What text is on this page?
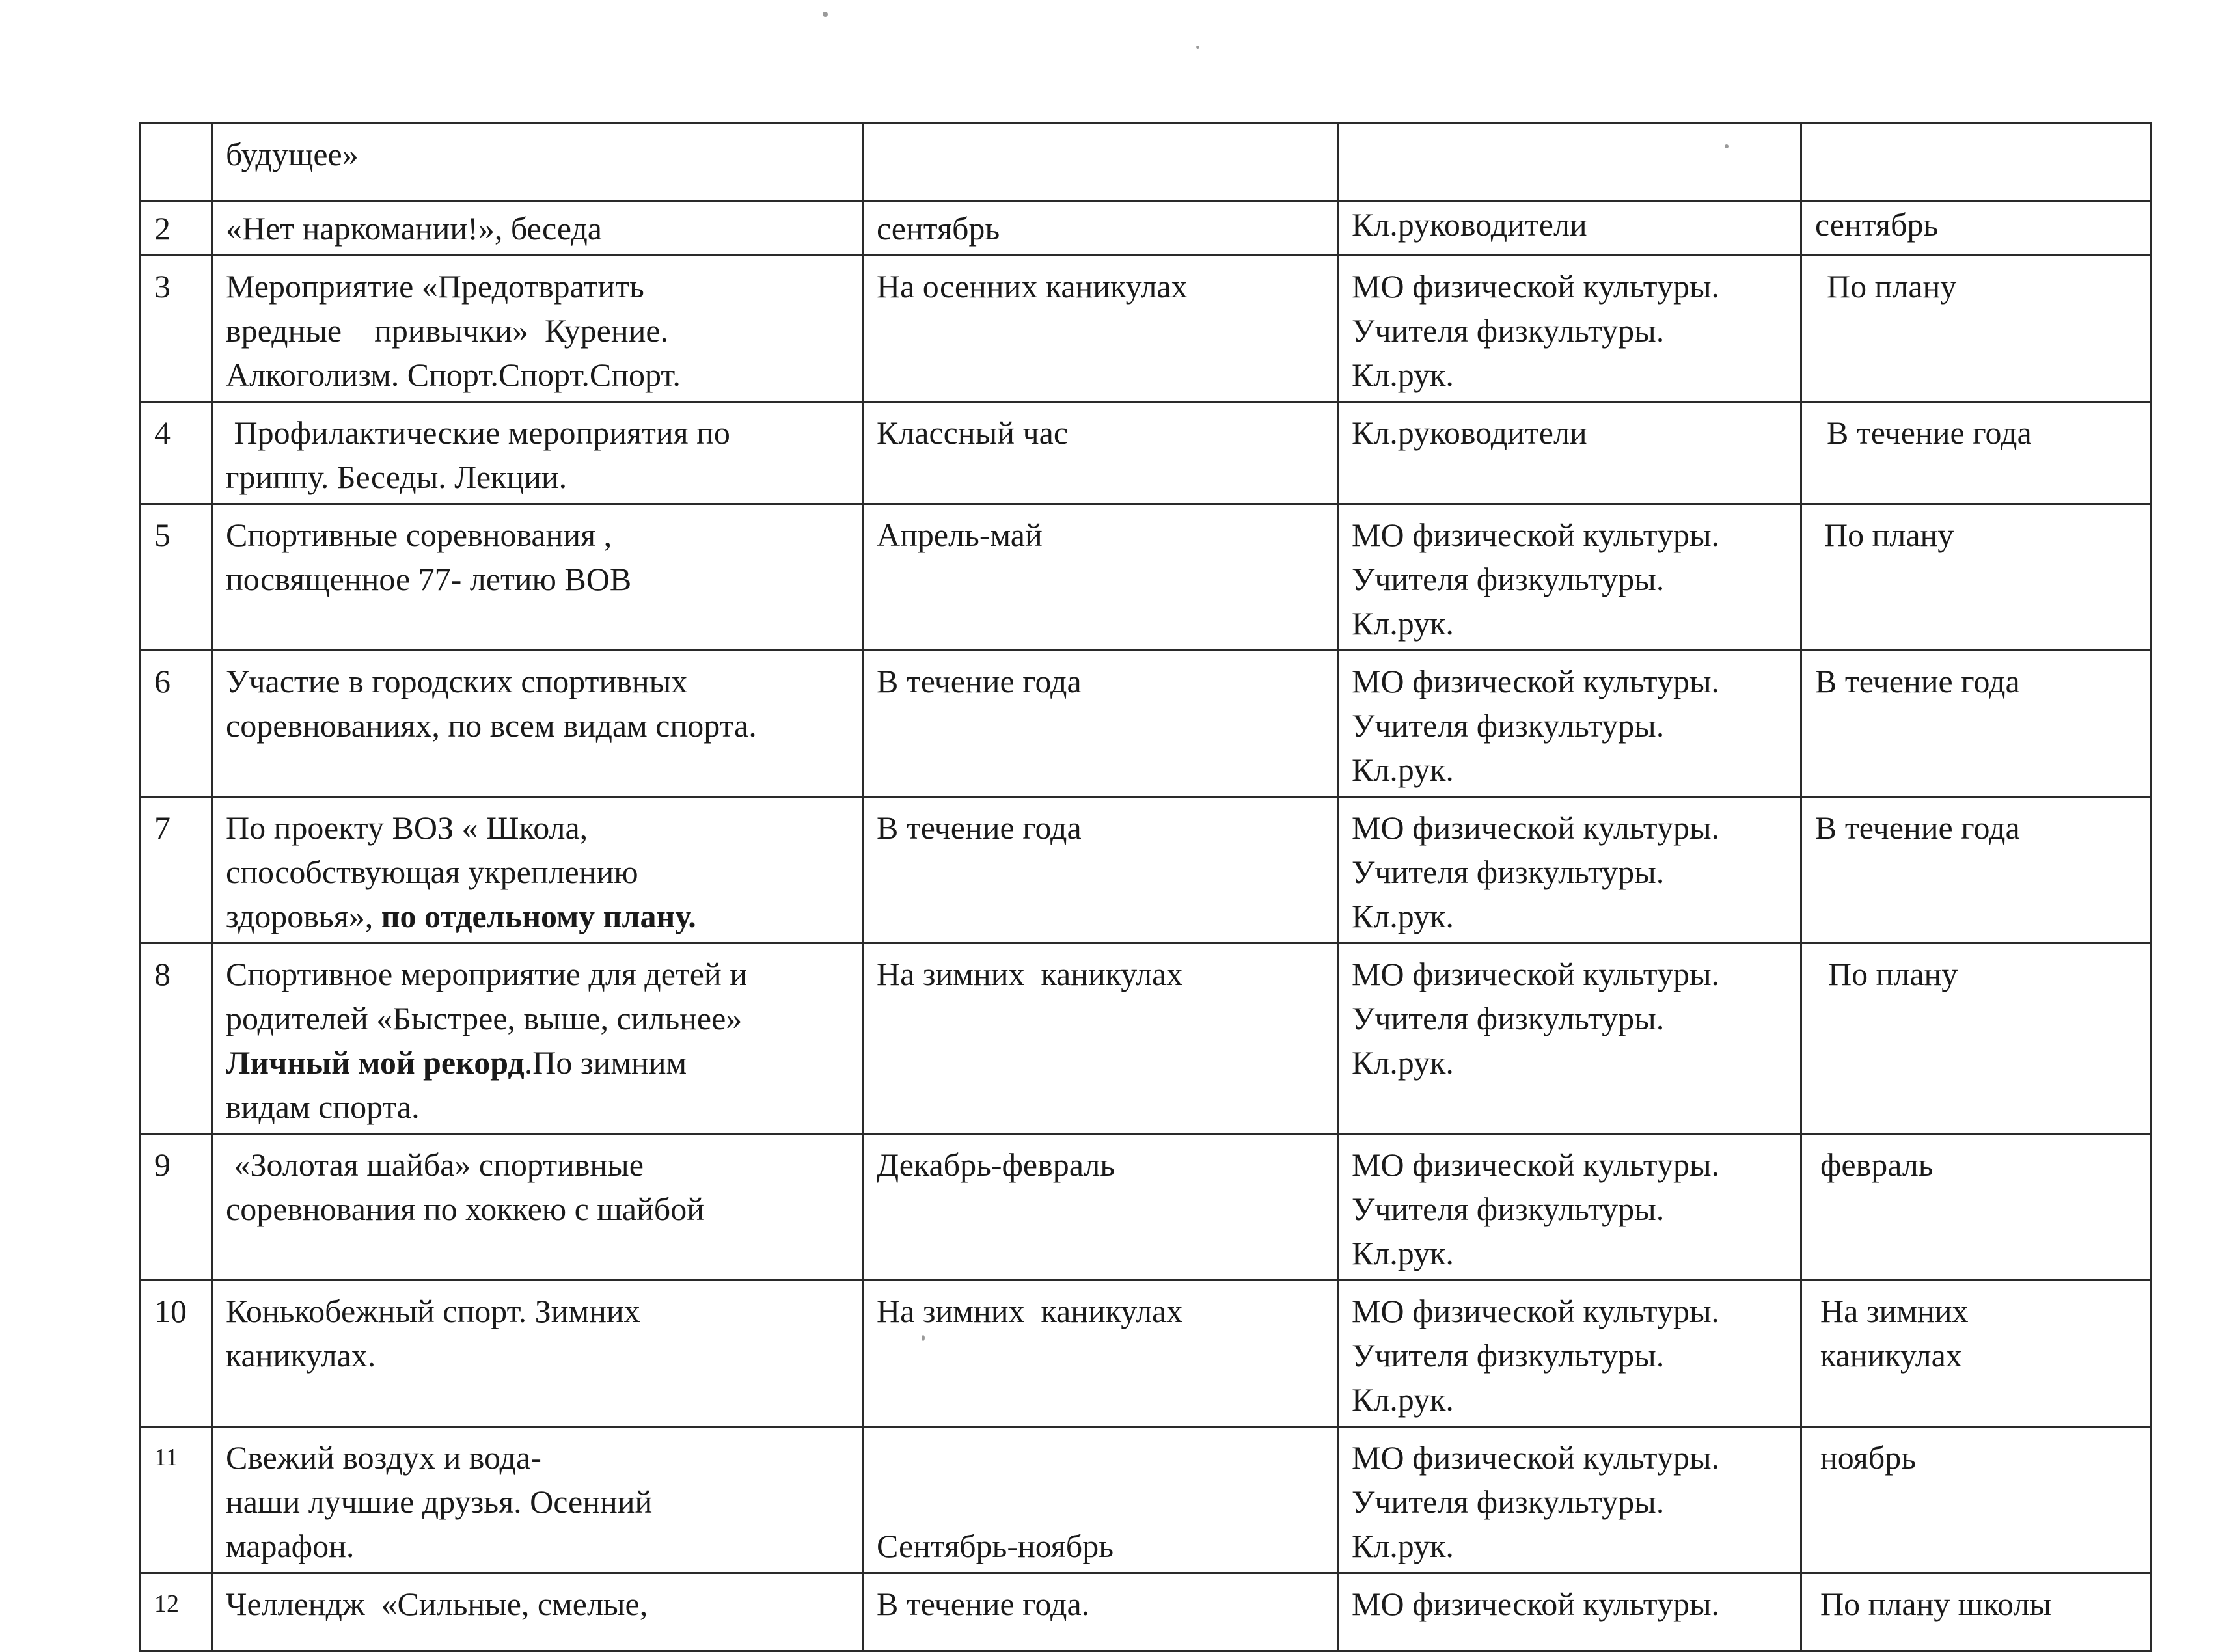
	будущее»			

2	«Нет наркомании!», беседа	сентябрь	Кл.руководители	сентябрь
3	Мероприятие «Предотвратить
вредные    привычки»  Курение.
Алкоголизм. Спорт.Спорт.Спорт.	На осенних каникулах	МО физической культуры.
Учителя физкультуры.
Кл.рук.	По плану
4	Профилактические мероприятия по
гриппу. Беседы. Лекции.	Классный час	Кл.руководители	В течение года
5	Спортивные соревнования ,
посвященное 77- летию ВОВ	Апрель-май	МО физической культуры.
Учителя физкультуры.
Кл.рук.	По плану
6	Участие в городских спортивных
соревнованиях, по всем видам спорта.	В течение года	МО физической культуры.
Учителя физкультуры.
Кл.рук.	В течение года
7	По проекту ВОЗ « Школа,
способствующая укреплению
здоровья», по отдельному плану.	В течение года	МО физической культуры.
Учителя физкультуры.
Кл.рук.	В течение года
8	Спортивное мероприятие для детей и
родителей «Быстрее, выше, сильнее»
Личный мой рекорд.По зимним
видам спорта.	На зимних  каникулах	МО физической культуры.
Учителя физкультуры.
Кл.рук.	По плану
9	«Золотая шайба» спортивные
соревнования по хоккею с шайбой	Декабрь-февраль	МО физической культуры.
Учителя физкультуры.
Кл.рук.	февраль
10	Конькобежный спорт. Зимних
каникулах.	На зимних  каникулах	МО физической культуры.
Учителя физкультуры.
Кл.рук.	На зимних
каникулах

11	Свежий воздух и вода-
наши лучшие друзья. Осенний
марафон.	Сентябрь-ноябрь	МО физической культуры.
Учителя физкультуры.
Кл.рук.	ноябрь
12	Челлендж  «Сильные, смелые,	В течение года.	МО физической культуры.	По плану школы
